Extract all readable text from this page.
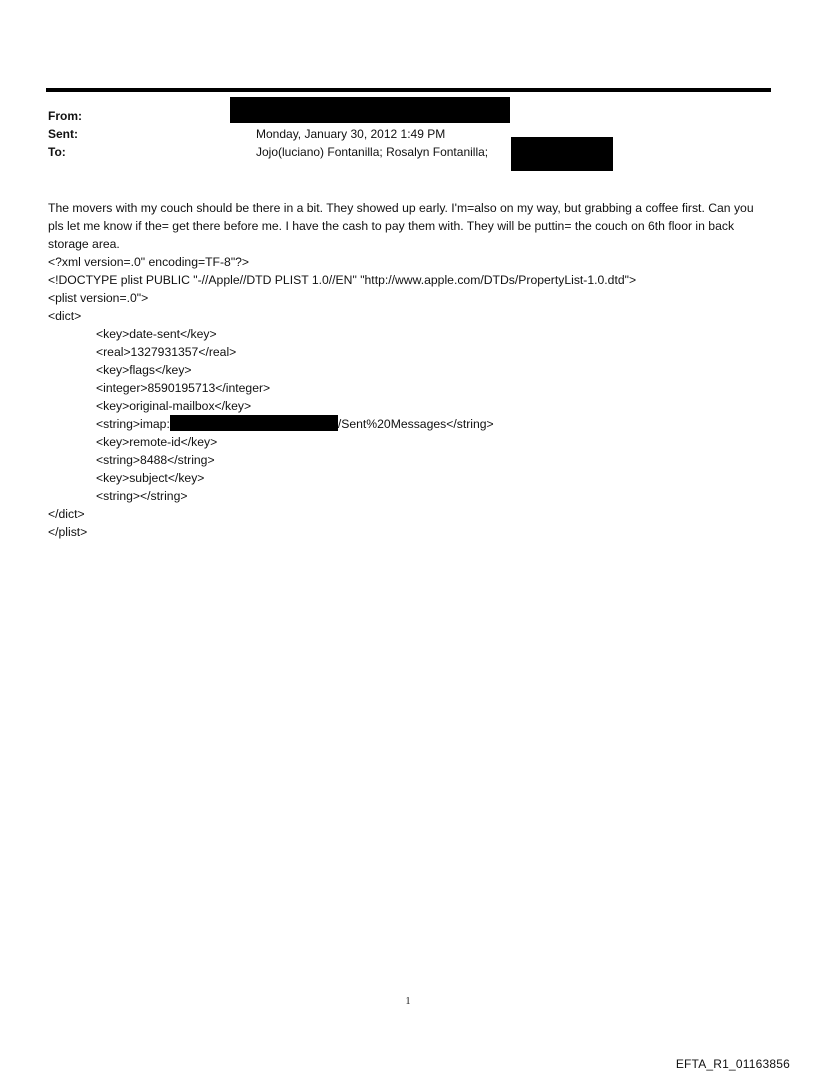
From:
Sent:	Monday, January 30, 2012 1:49 PM
To:	Jojo(luciano) Fontanilla; Rosalyn Fontanilla;

The movers with my couch should be there in a bit. They showed up early. I'm=also on my way, but grabbing a coffee first. Can you pls let me know if the= get there before me. I have the cash to pay them with. They will be puttin= the couch on 6th floor in back storage area.

<?xml version=.0" encoding=TF-8"?>
<!DOCTYPE plist PUBLIC "-//Apple//DTD PLIST 1.0//EN" "http://www.apple.com/DTDs/PropertyList-1.0.dtd">
<plist version=.0">
<dict>
<key>date-sent</key>
<real>1327931357</real>
<key>flags</key>
<integer>8590195713</integer>
<key>original-mailbox</key>
<string>imap:	/Sent%20Messages</string>
<key>remote-id</key>
<string>8488</string>
<key>subject</key>
<string></string>
</dict>
</plist>
1
EFTA_R1_01163856
